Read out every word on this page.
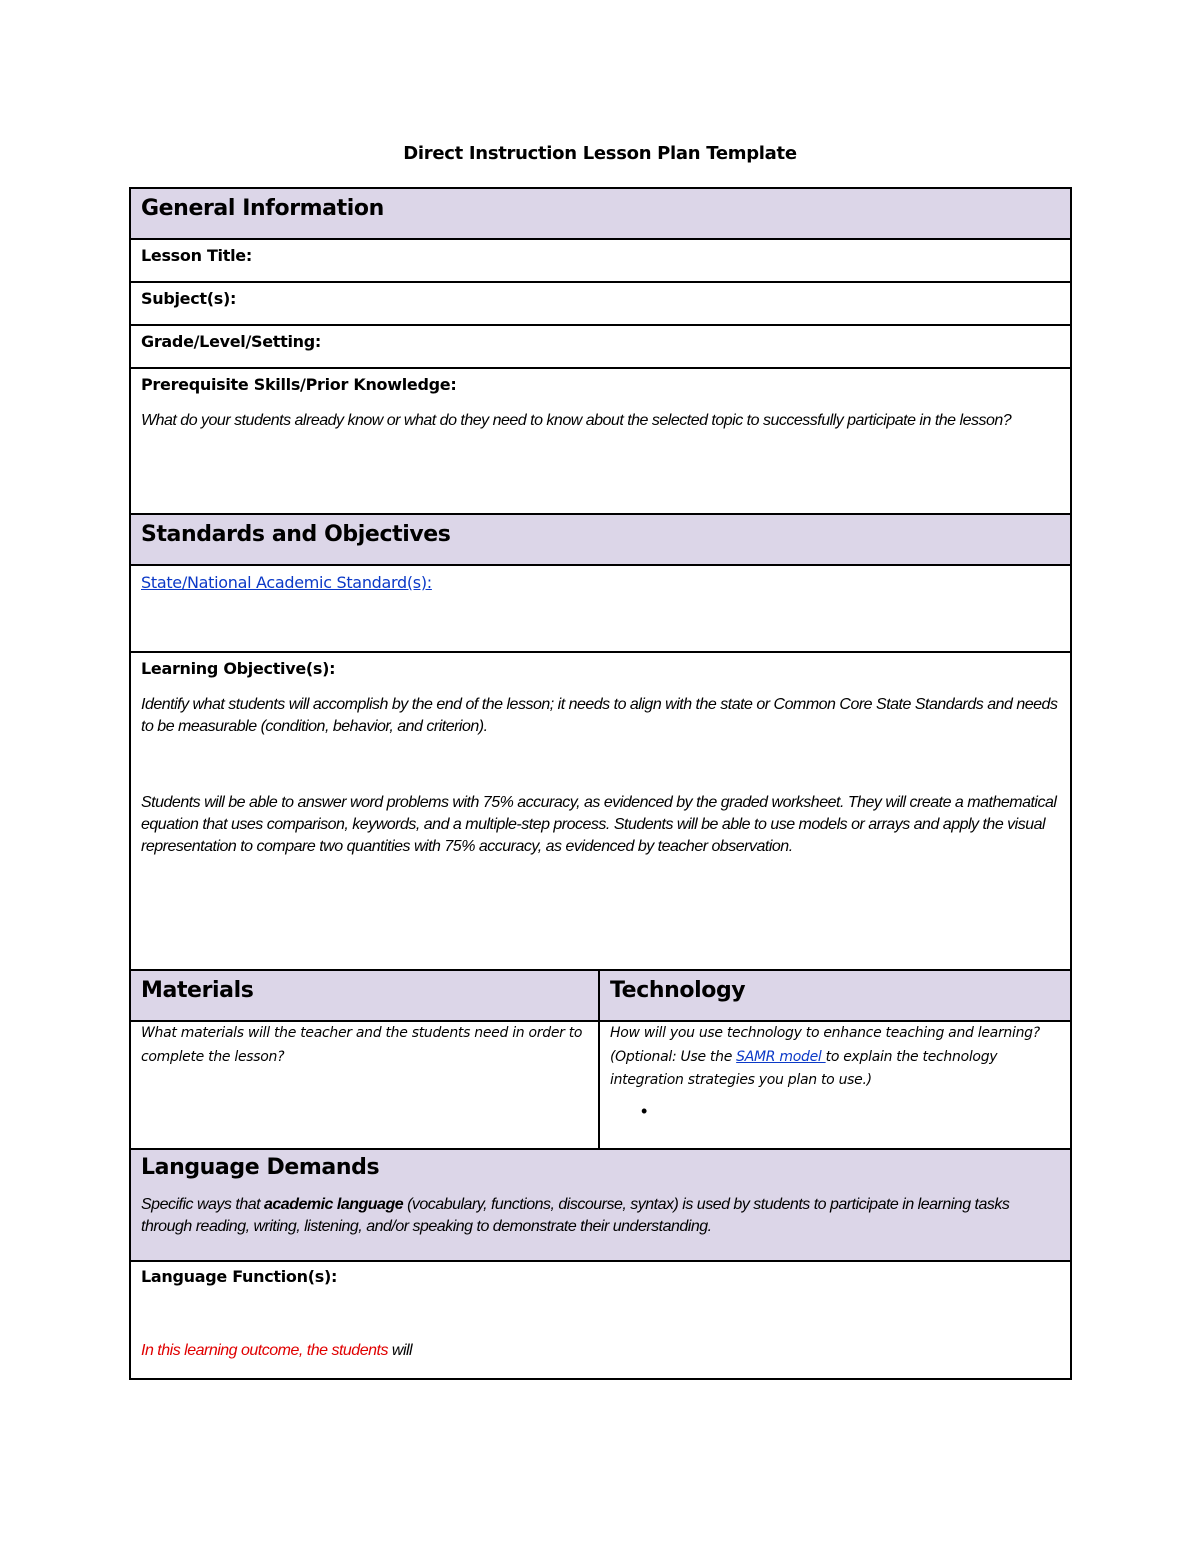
Direct Instruction Lesson Plan Template
General Information	
Lesson Title:	
Subject(s):	
Grade/Level/Setting:	

Prerequisite Skills/Prior Knowledge:

What do your students already know or what do they need to know about the selected topic to successfully participate in the lesson?	

Standards and Objectives	
State/National Academic Standard(s):	

Learning Objective(s):

Identify what students will accomplish by the end of the lesson; it needs to align with the state or Common Core State Standards and needs to be measurable (condition, behavior, and criterion).

Students will be able to answer word problems with 75% accuracy, as evidenced by the graded worksheet. They will create a mathematical equation that uses comparison, keywords, and a multiple-step process. Students will be able to use models or arrays and apply the visual representation to compare two quantities with 75% accuracy, as evidenced by teacher observation.	

Materials	Technology

What materials will the teacher and the students need in order to complete the lesson?	How will you use technology to enhance teaching and learning? (Optional: Use the SAMR model to explain the technology integration strategies you plan to use.)

•

Language Demands

Specific ways that academic language (vocabulary, functions, discourse, syntax) is used by students to participate in learning tasks through reading, writing, listening, and/or speaking to demonstrate their understanding.	

Language Function(s):

In this learning outcome, the students will	
